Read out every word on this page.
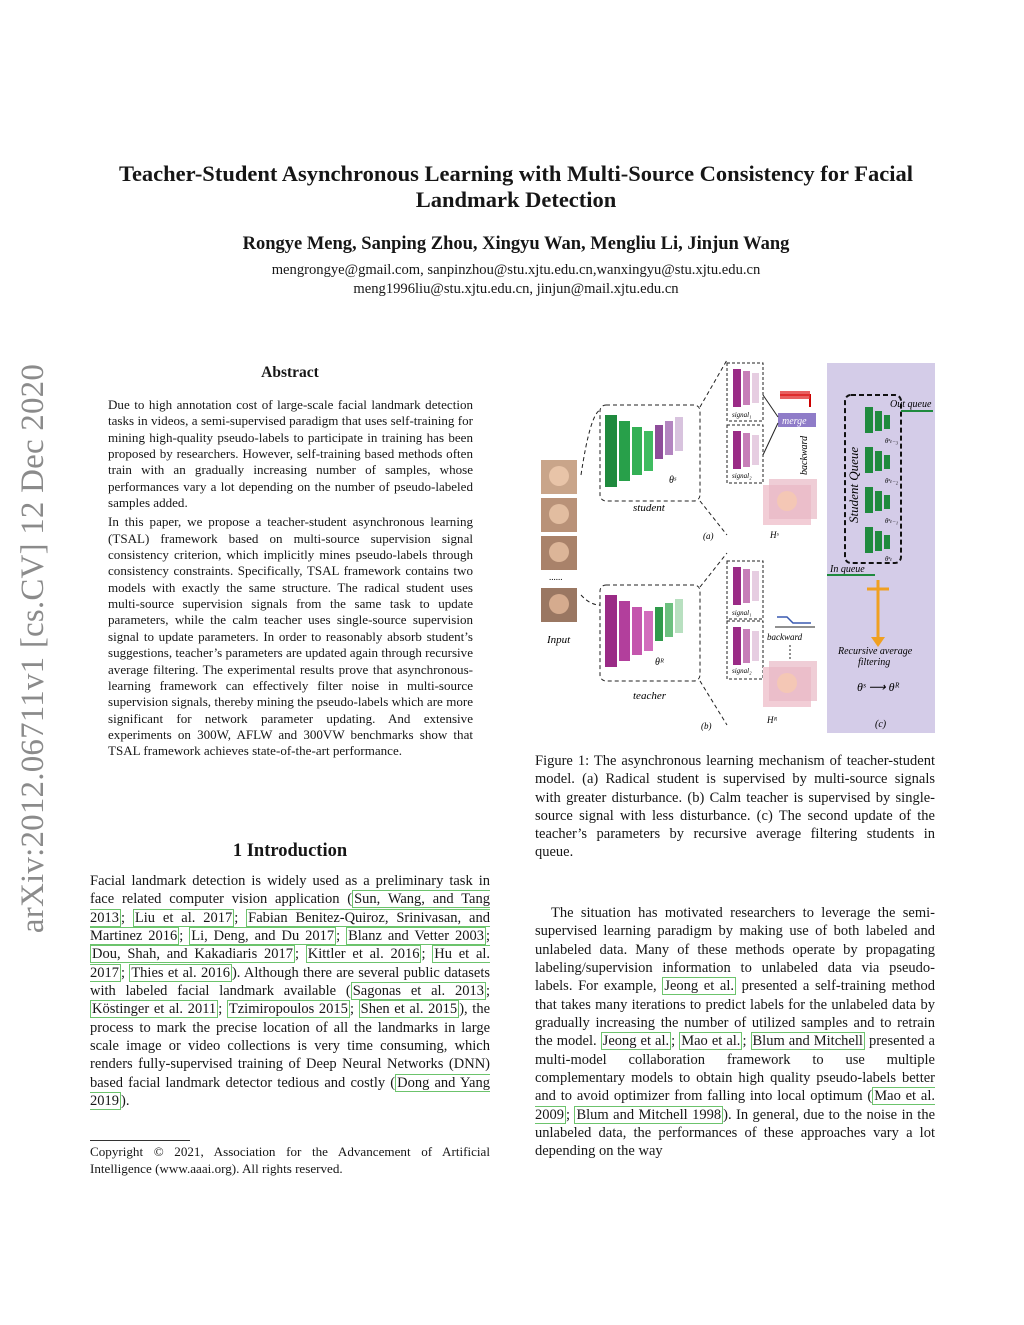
arXiv:2012.06711v1 [cs.CV] 12 Dec 2020
Teacher-Student Asynchronous Learning with Multi-Source Consistency for Facial Landmark Detection
Rongye Meng, Sanping Zhou, Xingyu Wan, Mengliu Li, Jinjun Wang
mengrongye@gmail.com, sanpinzhou@stu.xjtu.edu.cn,wanxingyu@stu.xjtu.edu.cn
meng1996liu@stu.xjtu.edu.cn, jinjun@mail.xjtu.edu.cn
Abstract

Due to high annotation cost of large-scale facial landmark detection tasks in videos, a semi-supervised paradigm that uses self-training for mining high-quality pseudo-labels to participate in training has been proposed by researchers. However, self-training based methods often train with an gradually increasing number of samples, whose performances vary a lot depending on the number of pseudo-labeled samples added.

In this paper, we propose a teacher-student asynchronous learning (TSAL) framework based on multi-source supervision signal consistency criterion, which implicitly mines pseudo-labels through consistency constraints. Specifically, TSAL framework contains two models with exactly the same structure. The radical student uses multi-source supervision signals from the same task to update parameters, while the calm teacher uses single-source supervision signal to update parameters. In order to reasonably absorb student’s suggestions, teacher’s parameters are updated again through recursive average filtering. The experimental results prove that asynchronous-learning framework can effectively filter noise in multi-source supervision signals, thereby mining the pseudo-labels which are more significant for network parameter updating. And extensive experiments on 300W, AFLW and 300VW benchmarks show that TSAL framework achieves state-of-the-art performance.

1 Introduction

Facial landmark detection is widely used as a preliminary task in face related computer vision application ( Sun, Wang, and Tang 2013 ; Liu et al. 2017 ; Fabian Benitez-Quiroz, Srinivasan, and Martinez 2016 ; Li, Deng, and Du 2017 ; Blanz and Vetter 2003 ; Dou, Shah, and Kakadiaris 2017 ; Kittler et al. 2016 ; Hu et al. 2017 ; Thies et al. 2016 ). Although there are several public datasets with labeled facial landmark available ( Sagonas et al. 2013 ; Köstinger et al. 2011 ; Tzimiropoulos 2015 ; Shen et al. 2015 ), the process to mark the precise location of all the landmarks in large scale image or video collections is very time consuming, which renders fully-supervised training of Deep Neural Networks (DNN) based facial landmark detector tedious and costly ( Dong and Yang 2019 ).

Copyright © 2021, Association for the Advancement of Artificial Intelligence (www.aaai.org). All rights reserved.
......
Input
θˢ
student
θᴿ
teacher
signal₁
signal₂
merge
backward
Hˢ
(a)
signal₁
signal₂
backward
Hᴿ
(b)
Student Queue
θˢₜ₋₃
θˢₜ₋₂
θˢₜ₋₁
θˢₜ
Out queue
In queue
Recursive average
filtering
θˢ ⟶ θᴿ
(c)
Figure 1: The asynchronous learning mechanism of teacher-student model. (a) Radical student is supervised by multi-source signals with greater disturbance. (b) Calm teacher is supervised by single-source signal with less disturbance. (c) The second update of the teacher’s parameters by recursive average filtering students in queue.

The situation has motivated researchers to leverage the semi-supervised learning paradigm by making use of both labeled and unlabeled data. Many of these methods operate by propagating labeling/supervision information to unlabeled data via pseudo-labels. For example, Jeong et al. presented a self-training method that takes many iterations to predict labels for the unlabeled data by gradually increasing the number of utilized samples and to retrain the model. Jeong et al. ; Mao et al. ; Blum and Mitchell presented a multi-model collaboration framework to use multiple complementary models to obtain high quality pseudo-labels better and to avoid optimizer from falling into local optimum ( Mao et al. 2009 ; Blum and Mitchell 1998 ). In general, due to the noise in the unlabeled data, the performances of these approaches vary a lot depending on the way
